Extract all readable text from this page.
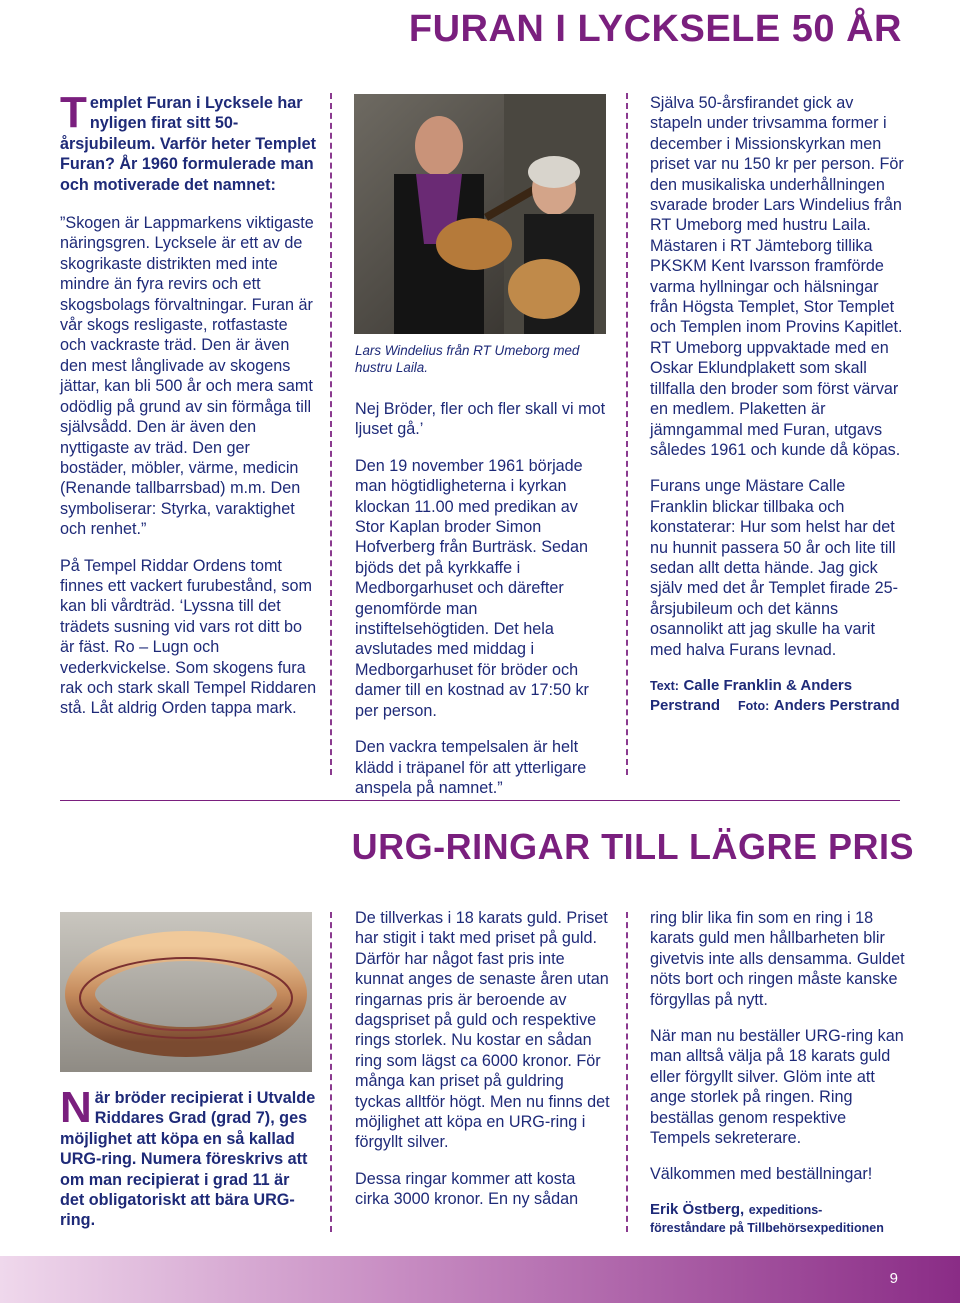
FURAN I LYCKSELE 50 ÅR

Templet Furan i Lycksele har nyligen firat sitt 50-årsjubileum. Varför heter Templet Furan? År 1960 formulerade man och motiverade det namnet:

”Skogen är Lappmarkens viktigaste näringsgren. Lycksele är ett av de skogrikaste distrikten med inte mindre än fyra revirs och ett skogsbolags förvaltningar. Furan är vår skogs resligaste, rotfastaste och vackraste träd. Den är även den mest långlivade av skogens jättar, kan bli 500 år och mera samt odödlig på grund av sin förmåga till självsådd. Den är även den nyttigaste av träd. Den ger bostäder, möbler, värme, medicin (Renande tallbarrsbad) m.m. Den symboliserar: Styrka, varaktighet och renhet.”

På Tempel Riddar Ordens tomt finnes ett vackert furubestånd, som kan bli vårdträd. ‘Lyssna till det trädets susning vid vars rot ditt bo är fäst. Ro – Lugn och vederkvickelse. Som skogens fura rak och stark skall Tempel Riddaren stå. Låt aldrig Orden tappa mark.

Lars Windelius från RT Umeborg med hustru Laila.

Nej Bröder, fler och fler skall vi mot ljuset gå.’

Den 19 november 1961 började man högtidligheterna i kyrkan klockan 11.00 med predikan av Stor Kaplan broder Simon Hofverberg från Burträsk. Sedan bjöds det på kyrkkaffe i Medborgarhuset och därefter genomförde man instiftelsehögtiden. Det hela avslutades med middag i Medborgarhuset för bröder och damer till en kostnad av 17:50 kr per person.

Den vackra tempelsalen är helt klädd i träpanel för att ytterligare anspela på namnet.”

Själva 50-årsfirandet gick av stapeln under trivsamma former i december i Missionskyrkan men priset var nu 150 kr per person. För den musikaliska underhållningen svarade broder Lars Windelius från RT Umeborg med hustru Laila. Mästaren i RT Jämteborg tillika PKSKM Kent Ivarsson framförde varma hyllningar och hälsningar från Högsta Templet, Stor Templet och Templen inom Provins Kapitlet. RT Umeborg uppvaktade med en Oskar Eklundplakett som skall tillfalla den broder som först värvar en medlem. Plaketten är jämngammal med Furan, utgavs således 1961 och kunde då köpas.

Furans unge Mästare Calle Franklin blickar tillbaka och konstaterar: Hur som helst har det nu hunnit passera 50 år och lite till sedan allt detta hände. Jag gick själv med det år Templet firade 25-årsjubileum och det känns osannolikt att jag skulle ha varit med halva Furans levnad.

Text: Calle Franklin & Anders Perstrand Foto: Anders Perstrand

URG-RINGAR TILL LÄGRE PRIS

När bröder recipierat i Utvalde Riddares Grad (grad 7), ges möjlighet att köpa en så kallad URG-ring. Numera föreskrivs att om man recipierat i grad 11 är det obligatoriskt att bära URG-ring.

De tillverkas i 18 karats guld. Priset har stigit i takt med priset på guld. Därför har något fast pris inte kunnat anges de senaste åren utan ringarnas pris är beroende av dagspriset på guld och respektive rings storlek. Nu kostar en sådan ring som lägst ca 6000 kronor. För många kan priset på guldring tyckas alltför högt. Men nu finns det möjlighet att köpa en URG-ring i förgyllt silver.

Dessa ringar kommer att kosta cirka 3000 kronor. En ny sådan

ring blir lika fin som en ring i 18 karats guld men hållbarheten blir givetvis inte alls densamma. Guldet nöts bort och ringen måste kanske förgyllas på nytt.

När man nu beställer URG-ring kan man alltså välja på 18 karats guld eller förgyllt silver. Glöm inte att ange storlek på ringen. Ring beställas genom respektive Tempels sekreterare.

Välkommen med beställningar!

Erik Östberg, expeditions-
föreståndare på Tillbehörsexpeditionen

9
